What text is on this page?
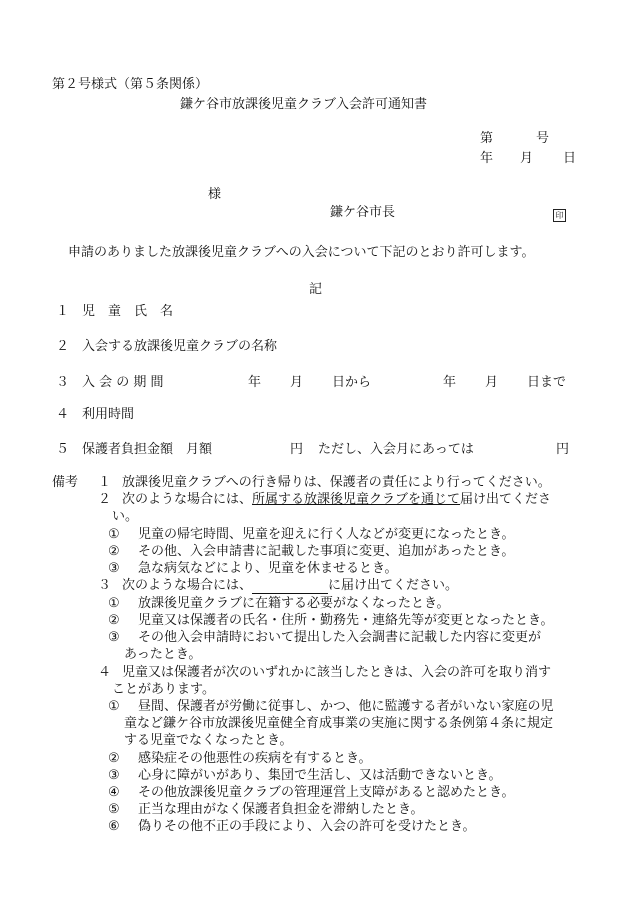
第２号様式（第５条関係）
鎌ケ谷市放課後児童クラブ入会許可通知書
第	号
年 月 日
様
鎌ケ谷市長	印
申請のありました放課後児童クラブへの入会について下記のとおり許可します。
記
１ 児　童　氏　名
２ 入会する放課後児童クラブの名称
３ 入 会 の 期 間	年 月 日から	年 月 日まで
４ 利用時間
５ 保護者負担金額　月額	円 ただし、入会月にあっては	円
備考 １ 放課後児童クラブへの行き帰りは、保護者の責任により行ってください。
２ 次のような場合には、所属する放課後児童クラブを通じて届け出てくださ
い。
① 児童の帰宅時間、児童を迎えに行く人などが変更になったとき。
② その他、入会申請書に記載した事項に変更、追加があったとき。
③ 急な病気などにより、児童を休ませるとき。
３ 次のような場合には、	に届け出てください。
① 放課後児童クラブに在籍する必要がなくなったとき。
② 児童又は保護者の氏名・住所・勤務先・連絡先等が変更となったとき。
③ その他入会申請時において提出した入会調書に記載した内容に変更が
あったとき。
４ 児童又は保護者が次のいずれかに該当したときは、入会の許可を取り消す
ことがあります。
① 昼間、保護者が労働に従事し、かつ、他に監護する者がいない家庭の児
童など鎌ケ谷市放課後児童健全育成事業の実施に関する条例第４条に規定
する児童でなくなったとき。
② 感染症その他悪性の疾病を有するとき。
③ 心身に障がいがあり、集団で生活し、又は活動できないとき。
④ その他放課後児童クラブの管理運営上支障があると認めたとき。
⑤ 正当な理由がなく保護者負担金を滞納したとき。
⑥ 偽りその他不正の手段により、入会の許可を受けたとき。
